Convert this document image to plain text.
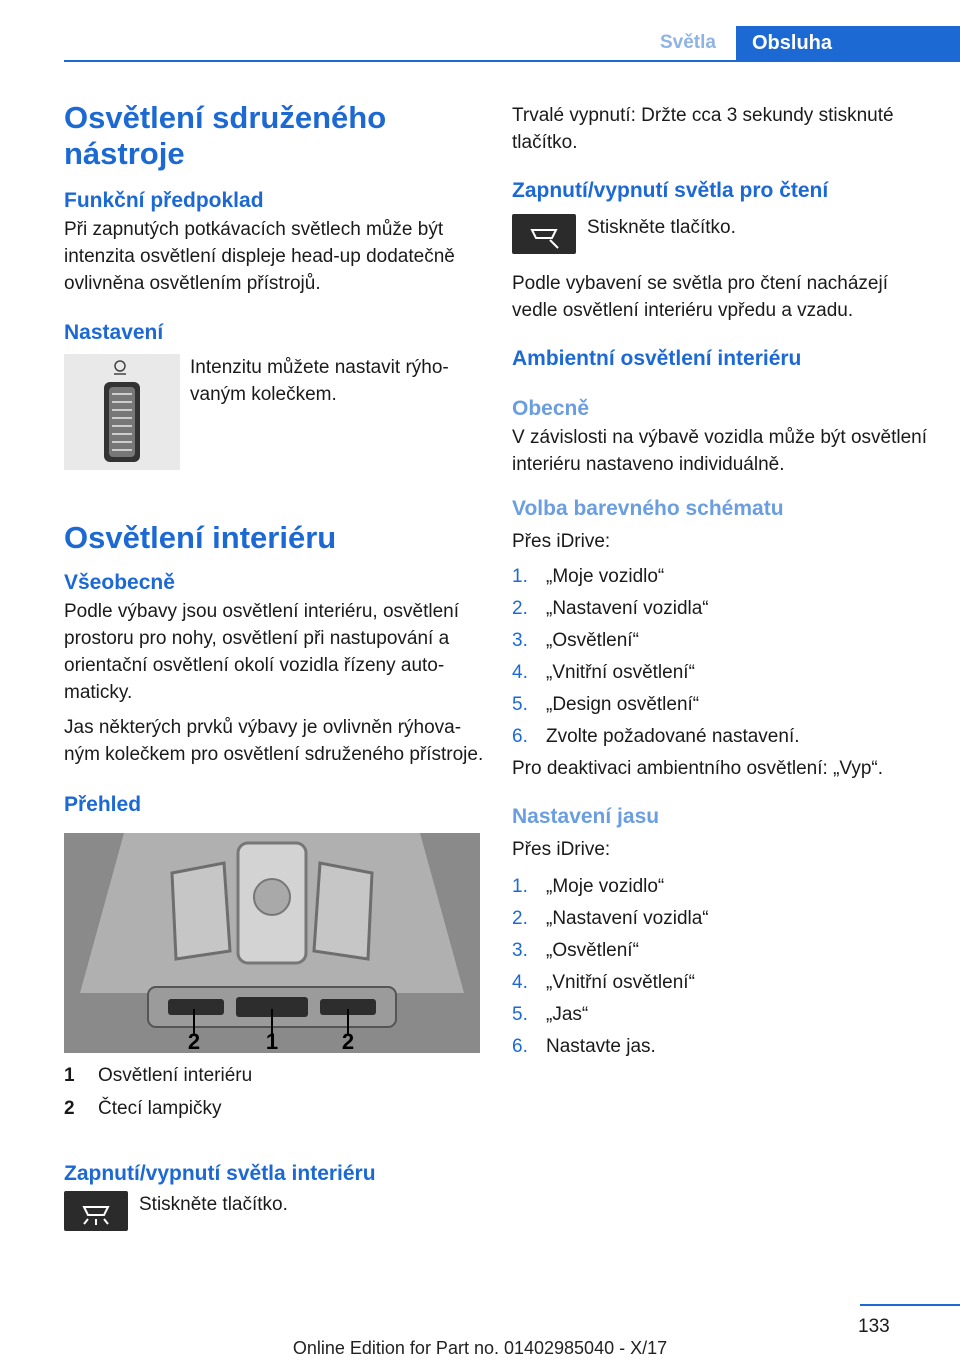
Světla	Obsluha
Osvětlení sdruženého nástroje
Funkční předpoklad

Při zapnutých potkávacích světlech může být intenzita osvětlení displeje head-up dodatečně ovlivněna osvětlením přístrojů.

Nastavení

Intenzitu můžete nastavit rýhovaným kolečkem.

Osvětlení interiéru
Všeobecně

Podle výbavy jsou osvětlení interiéru, osvětlení prostoru pro nohy, osvětlení při nastupování a orientační osvětlení okolí vozidla řízeny automaticky.

Jas některých prvků výbavy je ovlivněn rýhovaným kolečkem pro osvětlení sdruženého přístroje.

Přehled
2	1	2
1	Osvětlení interiéru
2	Čtecí lampičky
Zapnutí/vypnutí světla interiéru

Stiskněte tlačítko.

Trvalé vypnutí: Držte cca 3 sekundy stisknuté tlačítko.

Zapnutí/vypnutí světla pro čtení

Stiskněte tlačítko.

Podle vybavení se světla pro čtení nacházejí vedle osvětlení interiéru vpředu a vzadu.

Ambientní osvětlení interiéru
Obecně

V závislosti na výbavě vozidla může být osvětlení interiéru nastaveno individuálně.

Volba barevného schématu

Přes iDrive:

1. „Moje vozidlo“
2. „Nastavení vozidla“
3. „Osvětlení“
4. „Vnitřní osvětlení“
5. „Design osvětlení“
6. Zvolte požadované nastavení.

Pro deaktivaci ambientního osvětlení: „Vyp“.

Nastavení jasu

Přes iDrive:

1. „Moje vozidlo“
2. „Nastavení vozidla“
3. „Osvětlení“
4. „Vnitřní osvětlení“
5. „Jas“
6. Nastavte jas.
133
Online Edition for Part no. 01402985040 - X/17
